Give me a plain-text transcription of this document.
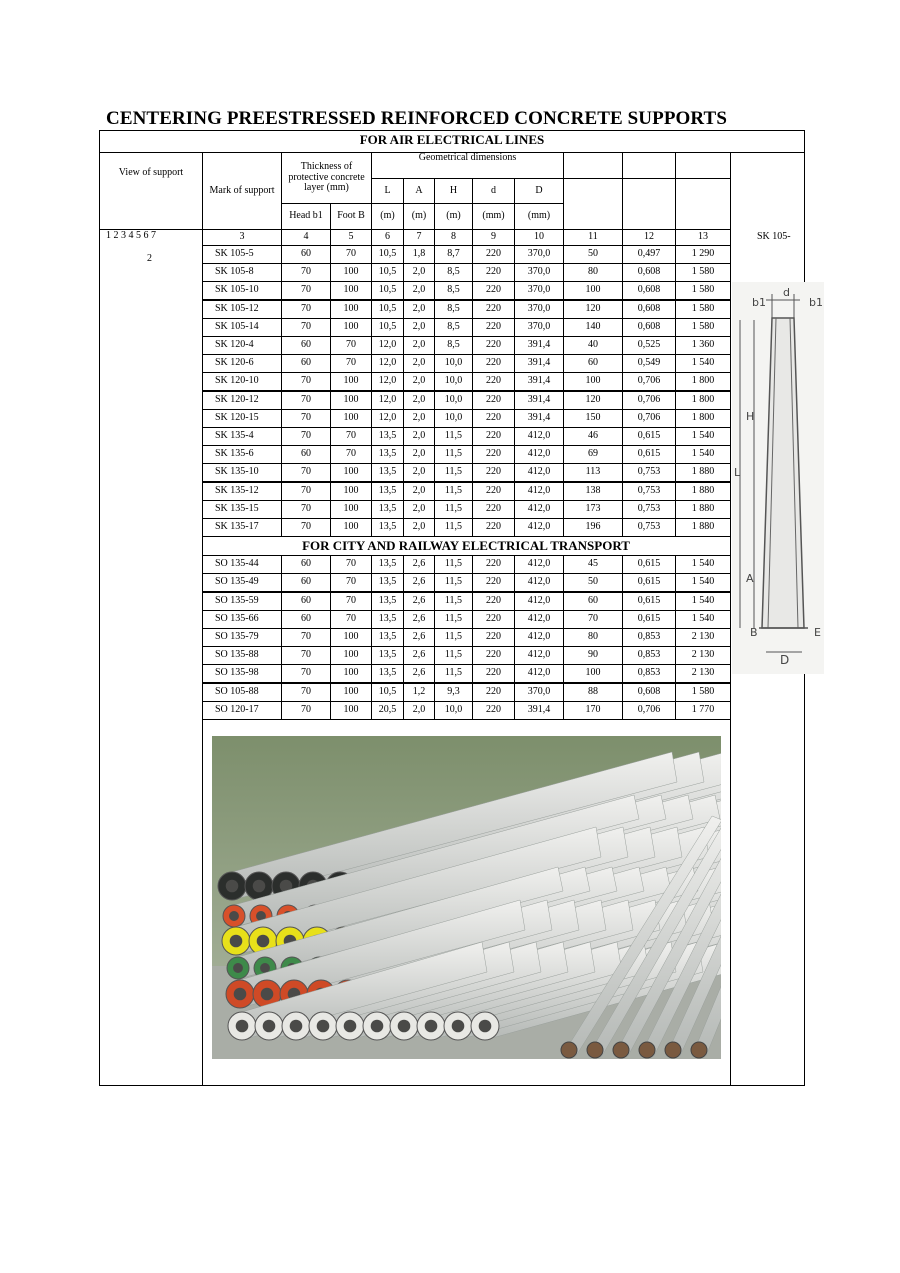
CENTERING PREESTRESSED REINFORCED CONCRETE SUPPORTS
FOR AIR ELECTRICAL LINES
View of support
1 2 3 4 5 6 7
2
Mark of support
Thickness of protective concrete layer (mm)
Geometrical dimensions
L
(m)
A
(m)
H
(m)
d
(mm)
D
(mm)
Head b1	Foot B
3	4	5	6	7	8	9	10	11	12	13
SK 105-5	60	70	10,5	1,8	8,7	220	370,0	50	0,497	1 290
SK 105-8	70	100	10,5	2,0	8,5	220	370,0	80	0,608	1 580
SK 105-10	70	100	10,5	2,0	8,5	220	370,0	100	0,608	1 580
SK 105-12	70	100	10,5	2,0	8,5	220	370,0	120	0,608	1 580
SK 105-14	70	100	10,5	2,0	8,5	220	370,0	140	0,608	1 580
SK 120-4	60	70	12,0	2,0	8,5	220	391,4	40	0,525	1 360
SK 120-6	60	70	12,0	2,0	10,0	220	391,4	60	0,549	1 540
SK 120-10	70	100	12,0	2,0	10,0	220	391,4	100	0,706	1 800
SK 120-12	70	100	12,0	2,0	10,0	220	391,4	120	0,706	1 800
SK 120-15	70	100	12,0	2,0	10,0	220	391,4	150	0,706	1 800
SK 135-4	70	70	13,5	2,0	11,5	220	412,0	46	0,615	1 540
SK 135-6	60	70	13,5	2,0	11,5	220	412,0	69	0,615	1 540
SK 135-10	70	100	13,5	2,0	11,5	220	412,0	113	0,753	1 880
SK 135-12	70	100	13,5	2,0	11,5	220	412,0	138	0,753	1 880
SK 135-15	70	100	13,5	2,0	11,5	220	412,0	173	0,753	1 880
SK 135-17	70	100	13,5	2,0	11,5	220	412,0	196	0,753	1 880
FOR CITY AND RAILWAY ELECTRICAL TRANSPORT
SO 135-44	60	70	13,5	2,6	11,5	220	412,0	45	0,615	1 540
SO 135-49	60	70	13,5	2,6	11,5	220	412,0	50	0,615	1 540
SO 135-59	60	70	13,5	2,6	11,5	220	412,0	60	0,615	1 540
SO 135-66	60	70	13,5	2,6	11,5	220	412,0	70	0,615	1 540
SO 135-79	70	100	13,5	2,6	11,5	220	412,0	80	0,853	2 130
SO 135-88	70	100	13,5	2,6	11,5	220	412,0	90	0,853	2 130
SO 135-98	70	100	13,5	2,6	11,5	220	412,0	100	0,853	2 130
SO 105-88	70	100	10,5	1,2	9,3	220	370,0	88	0,608	1 580
SO 120-17	70	100	20,5	2,0	10,0	220	391,4	170	0,706	1 770
SK 105-
b1
d
b1
L
H
A
B	E
D
